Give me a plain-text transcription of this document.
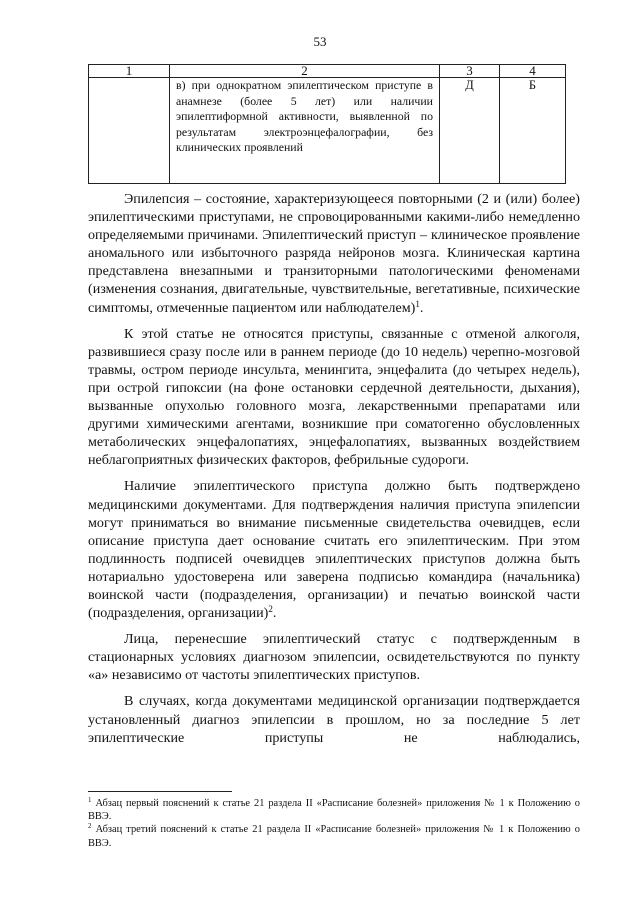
53
1	2	3	4
	в) при однократном эпилептическом приступе в анамнезе (более 5 лет) или наличии эпилептиформной активности, выявленной по результатам электроэнцефалографии, без клинических проявлений	Д	Б

Эпилепсия – состояние, характеризующееся повторными (2 и (или) более) эпилептическими приступами, не спровоцированными какими-либо немедленно определяемыми причинами. Эпилептический приступ – клиническое проявление аномального или избыточного разряда нейронов мозга. Клиническая картина представлена внезапными и транзиторными патологическими феноменами (изменения сознания, двигательные, чувствительные, вегетативные, психические симптомы, отмеченные пациентом или наблюдателем)$^1$.

К этой статье не относятся приступы, связанные с отменой алкоголя, развившиеся сразу после или в раннем периоде (до 10 недель) черепно-мозговой травмы, остром периоде инсульта, менингита, энцефалита (до четырех недель), при острой гипоксии (на фоне остановки сердечной деятельности, дыхания), вызванные опухолью головного мозга, лекарственными препаратами или другими химическими агентами, возникшие при соматогенно обусловленных метаболических энцефалопатиях, энцефалопатиях, вызванных воздействием неблагоприятных физических факторов, фебрильные судороги.

Наличие эпилептического приступа должно быть подтверждено медицинскими документами. Для подтверждения наличия приступа эпилепсии могут приниматься во внимание письменные свидетельства очевидцев, если описание приступа дает основание считать его эпилептическим. При этом подлинность подписей очевидцев эпилептических приступов должна быть нотариально удостоверена или заверена подписью командира (начальника) воинской части (подразделения, организации) и печатью воинской части (подразделения, организации)$^2$.

Лица, перенесшие эпилептический статус с подтвержденным в стационарных условиях диагнозом эпилепсии, освидетельствуются по пункту «а» независимо от частоты эпилептических приступов.

В случаях, когда документами медицинской организации подтверждается установленный диагноз эпилепсии в прошлом, но за последние 5 лет эпилептические приступы не наблюдались,

$^1$ Абзац первый пояснений к статье 21 раздела II «Расписание болезней» приложения № 1 к Положению о ВВЭ.
$^2$ Абзац третий пояснений к статье 21 раздела II «Расписание болезней» приложения № 1 к Положению о ВВЭ.
